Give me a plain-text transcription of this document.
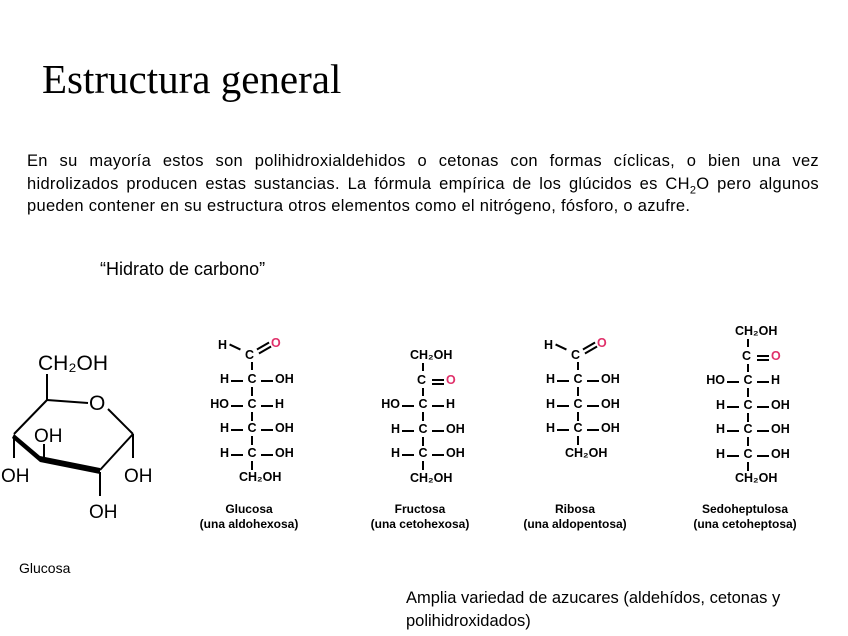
Estructura general
En su mayoría estos son polihidroxialdehidos o cetonas con formas cíclicas, o bien una vez hidrolizados producen estas sustancias. La fórmula empírica de los glúcidos es $CH_2O$ pero algunos pueden contener en su estructura otros elementos como el nitrógeno, fósforo, o azufre.
“Hidrato de carbono”
CH₂OH
O
OH
OH	OH
OH
Glucosa
H
C
O
H C OH
HO C H
H C OH
H C OH
CH₂OH
Glucosa
(una aldohexosa)
CH₂OH
C O
HO C H
H C OH
H C OH
CH₂OH
Fructosa
(una cetohexosa)
H
C
O
H C OH
H C OH
H C OH
CH₂OH
Ribosa
(una aldopentosa)
CH₂OH
C O
HO C H
H C OH
H C OH
H C OH
CH₂OH
Sedoheptulosa
(una cetoheptosa)
Amplia variedad de azucares (aldehídos, cetonas y polihidroxidados)
